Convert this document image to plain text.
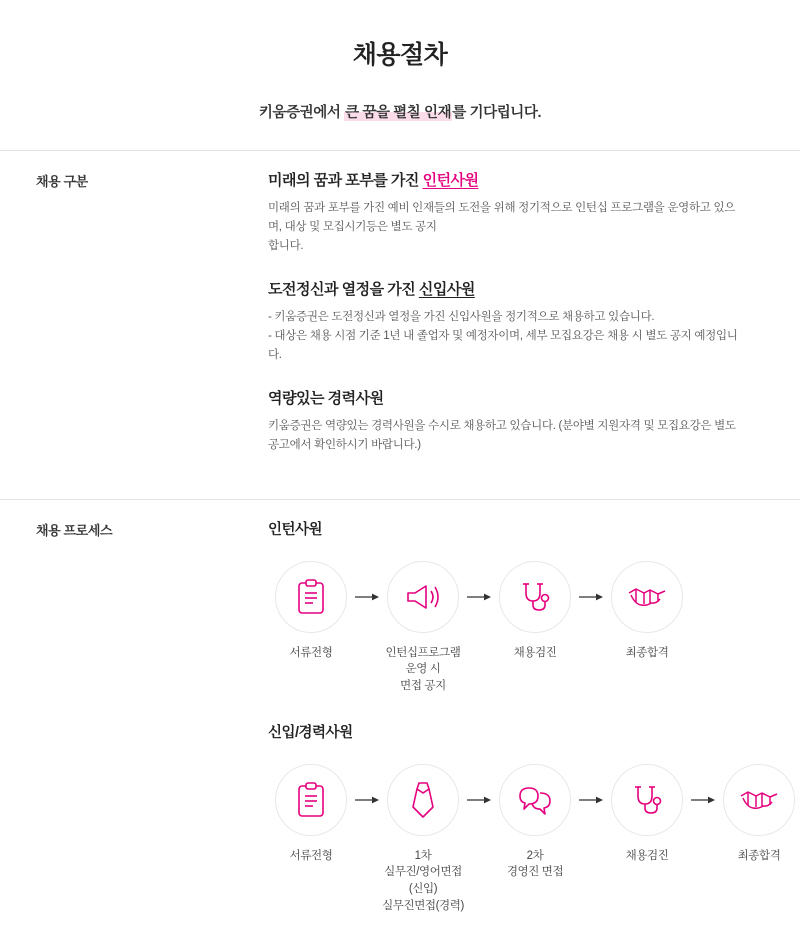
채용절차
키움증권에서 큰 꿈을 펼칠 인재를 기다립니다.
채용 구분	미래의 꿈과 포부를 가진 인턴사원

미래의 꿈과 포부를 가진 예비 인재들의 도전을 위해 정기적으로 인턴십 프로그램을 운영하고 있으며, 대상 및 모집시기등은 별도 공지

합니다.

도전정신과 열정을 가진 신입사원

- 키움증권은 도전정신과 열정을 가진 신입사원을 정기적으로 채용하고 있습니다.

- 대상은 채용 시점 기준 1년 내 졸업자 및 예정자이며, 세부 모집요강은 채용 시 별도 공지 예정입니다.

역량있는 경력사원

키움증권은 역량있는 경력사원을 수시로 채용하고 있습니다. (분야별 지원자격 및 모집요강은 별도 공고에서 확인하시기 바랍니다.)

채용 프로세스	인턴사원
서류전형	인턴십프로그램 운영 시
면접 공지
채용검진	최종합격
신입/경력사원
서류전형	1차
실무진/영어면접(신입)
실무진면접(경력)
2차
경영진 면접
채용검진	최종합격
